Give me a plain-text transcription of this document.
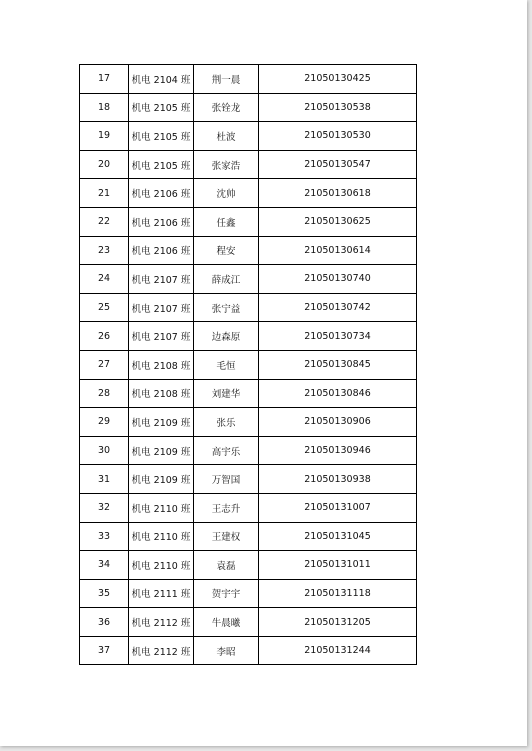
17	机电 2104 班	荆一晨	21050130425
18	机电 2105 班	张铨龙	21050130538
19	机电 2105 班	杜波	21050130530
20	机电 2105 班	张家浩	21050130547
21	机电 2106 班	沈帅	21050130618
22	机电 2106 班	任鑫	21050130625
23	机电 2106 班	程安	21050130614
24	机电 2107 班	薛成江	21050130740
25	机电 2107 班	张宁益	21050130742
26	机电 2107 班	边森原	21050130734
27	机电 2108 班	毛恒	21050130845
28	机电 2108 班	刘建华	21050130846
29	机电 2109 班	张乐	21050130906
30	机电 2109 班	高宇乐	21050130946
31	机电 2109 班	万智国	21050130938
32	机电 2110 班	王志升	21050131007
33	机电 2110 班	王建权	21050131045
34	机电 2110 班	袁磊	21050131011
35	机电 2111 班	贺宇宇	21050131118
36	机电 2112 班	牛晨曦	21050131205
37	机电 2112 班	李昭	21050131244
